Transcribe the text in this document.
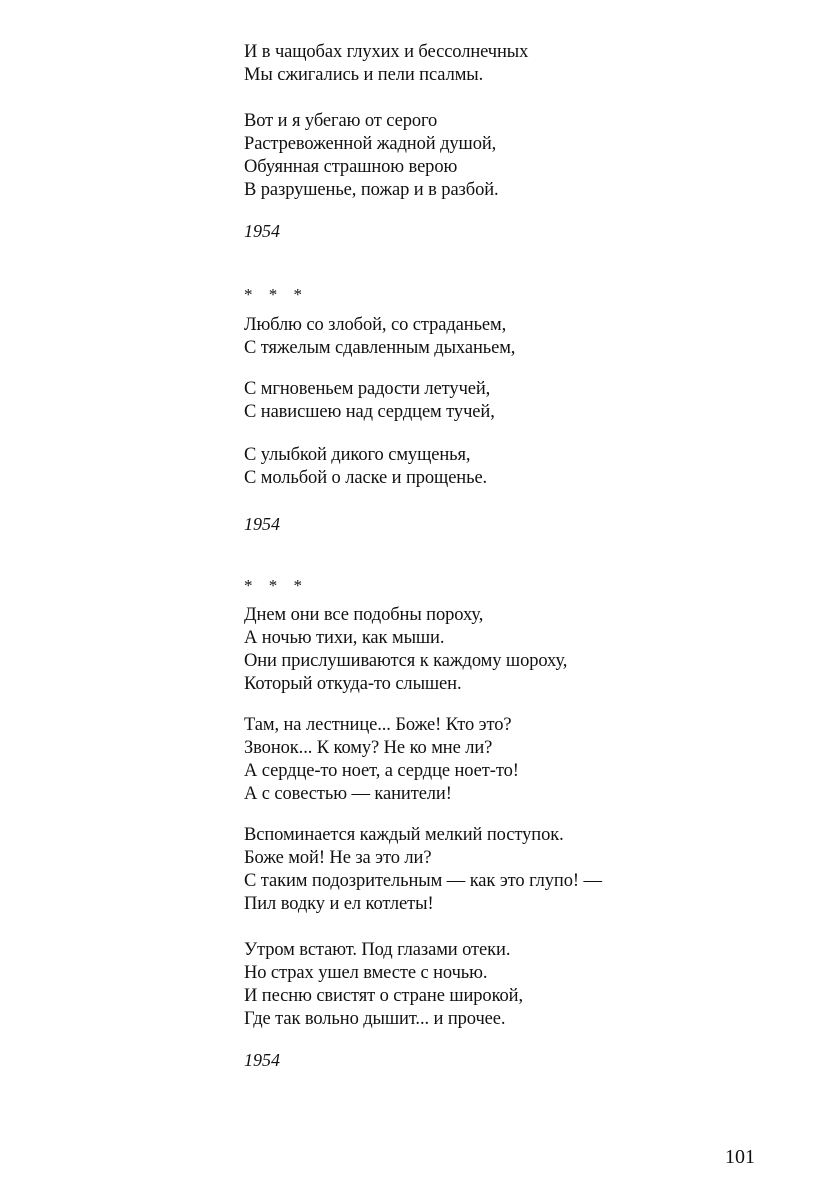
И в чащобах глухих и бессолнечных
Мы сжигались и пели псалмы.
Вот и я убегаю от серого
Растревоженной жадной душой,
Обуянная страшною верою
В разрушенье, пожар и в разбой.
1954
* * *
Люблю со злобой, со страданьем,
С тяжелым сдавленным дыханьем,
С мгновеньем радости летучей,
С нависшею над сердцем тучей,
С улыбкой дикого смущенья,
С мольбой о ласке и прощенье.
1954
* * *
Днем они все подобны пороху,
А ночью тихи, как мыши.
Они прислушиваются к каждому шороху,
Который откуда-то слышен.
Там, на лестнице... Боже! Кто это?
Звонок... К кому? Не ко мне ли?
А сердце-то ноет, а сердце ноет-то!
А с совестью — канители!
Вспоминается каждый мелкий поступок.
Боже мой! Не за это ли?
С таким подозрительным — как это глупо! —
Пил водку и ел котлеты!
Утром встают. Под глазами отеки.
Но страх ушел вместе с ночью.
И песню свистят о стране широкой,
Где так вольно дышит... и прочее.
1954
101
